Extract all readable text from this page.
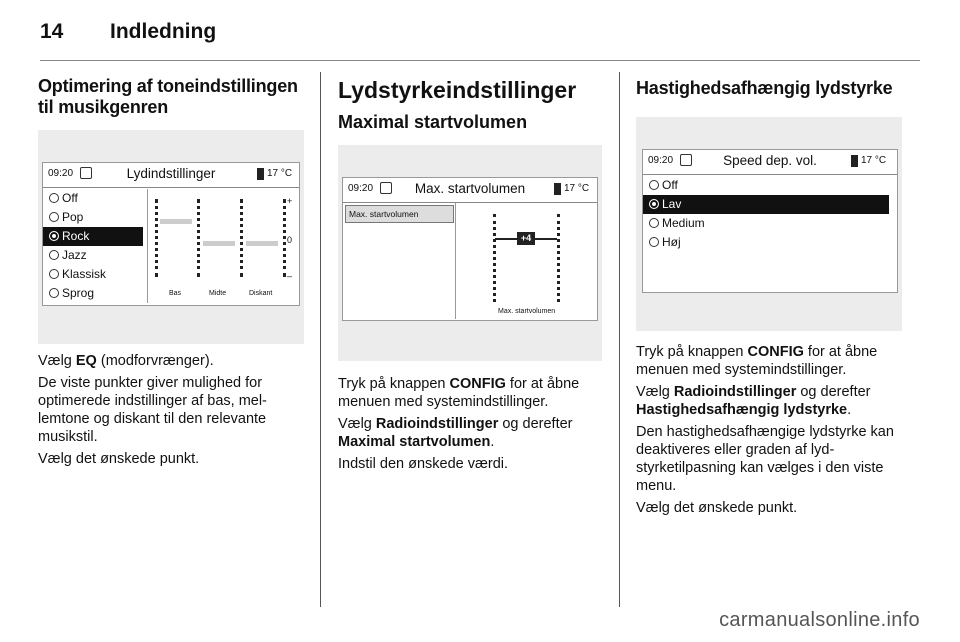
14 Indledning
Optimering af toneindstillingen til musikgenren
09:20	Lydindstillinger	17 °C
Off
Pop
Rock
Jazz
Klassisk
Sprog
+
0
–
Bas	Midte	Diskant

Vælg EQ (modforvrænger).

De viste punkter giver mulighed for optimerede indstillinger af bas, mel- lemtone og diskant til den relevante musikstil.

Vælg det ønskede punkt.

Lydstyrkeindstillinger
Maximal startvolumen
09:20	Max. startvolumen	17 °C
Max. startvolumen
+4
Max. startvolumen

Tryk på knappen CONFIG for at åbne menuen med systemindstillinger.

Vælg Radioindstillinger og derefter Maximal startvolumen.

Indstil den ønskede værdi.

Hastighedsafhængig lydstyrke
09:20	Speed dep. vol.	17 °C
Off
Lav
Medium
Høj

Tryk på knappen CONFIG for at åbne menuen med systemindstillinger.

Vælg Radioindstillinger og derefter Hastighedsafhængig lydstyrke.

Den hastighedsafhængige lydstyrke kan deaktiveres eller graden af lyd- styrketilpasning kan vælges i den viste menu.

Vælg det ønskede punkt.

carmanualsonline.info
